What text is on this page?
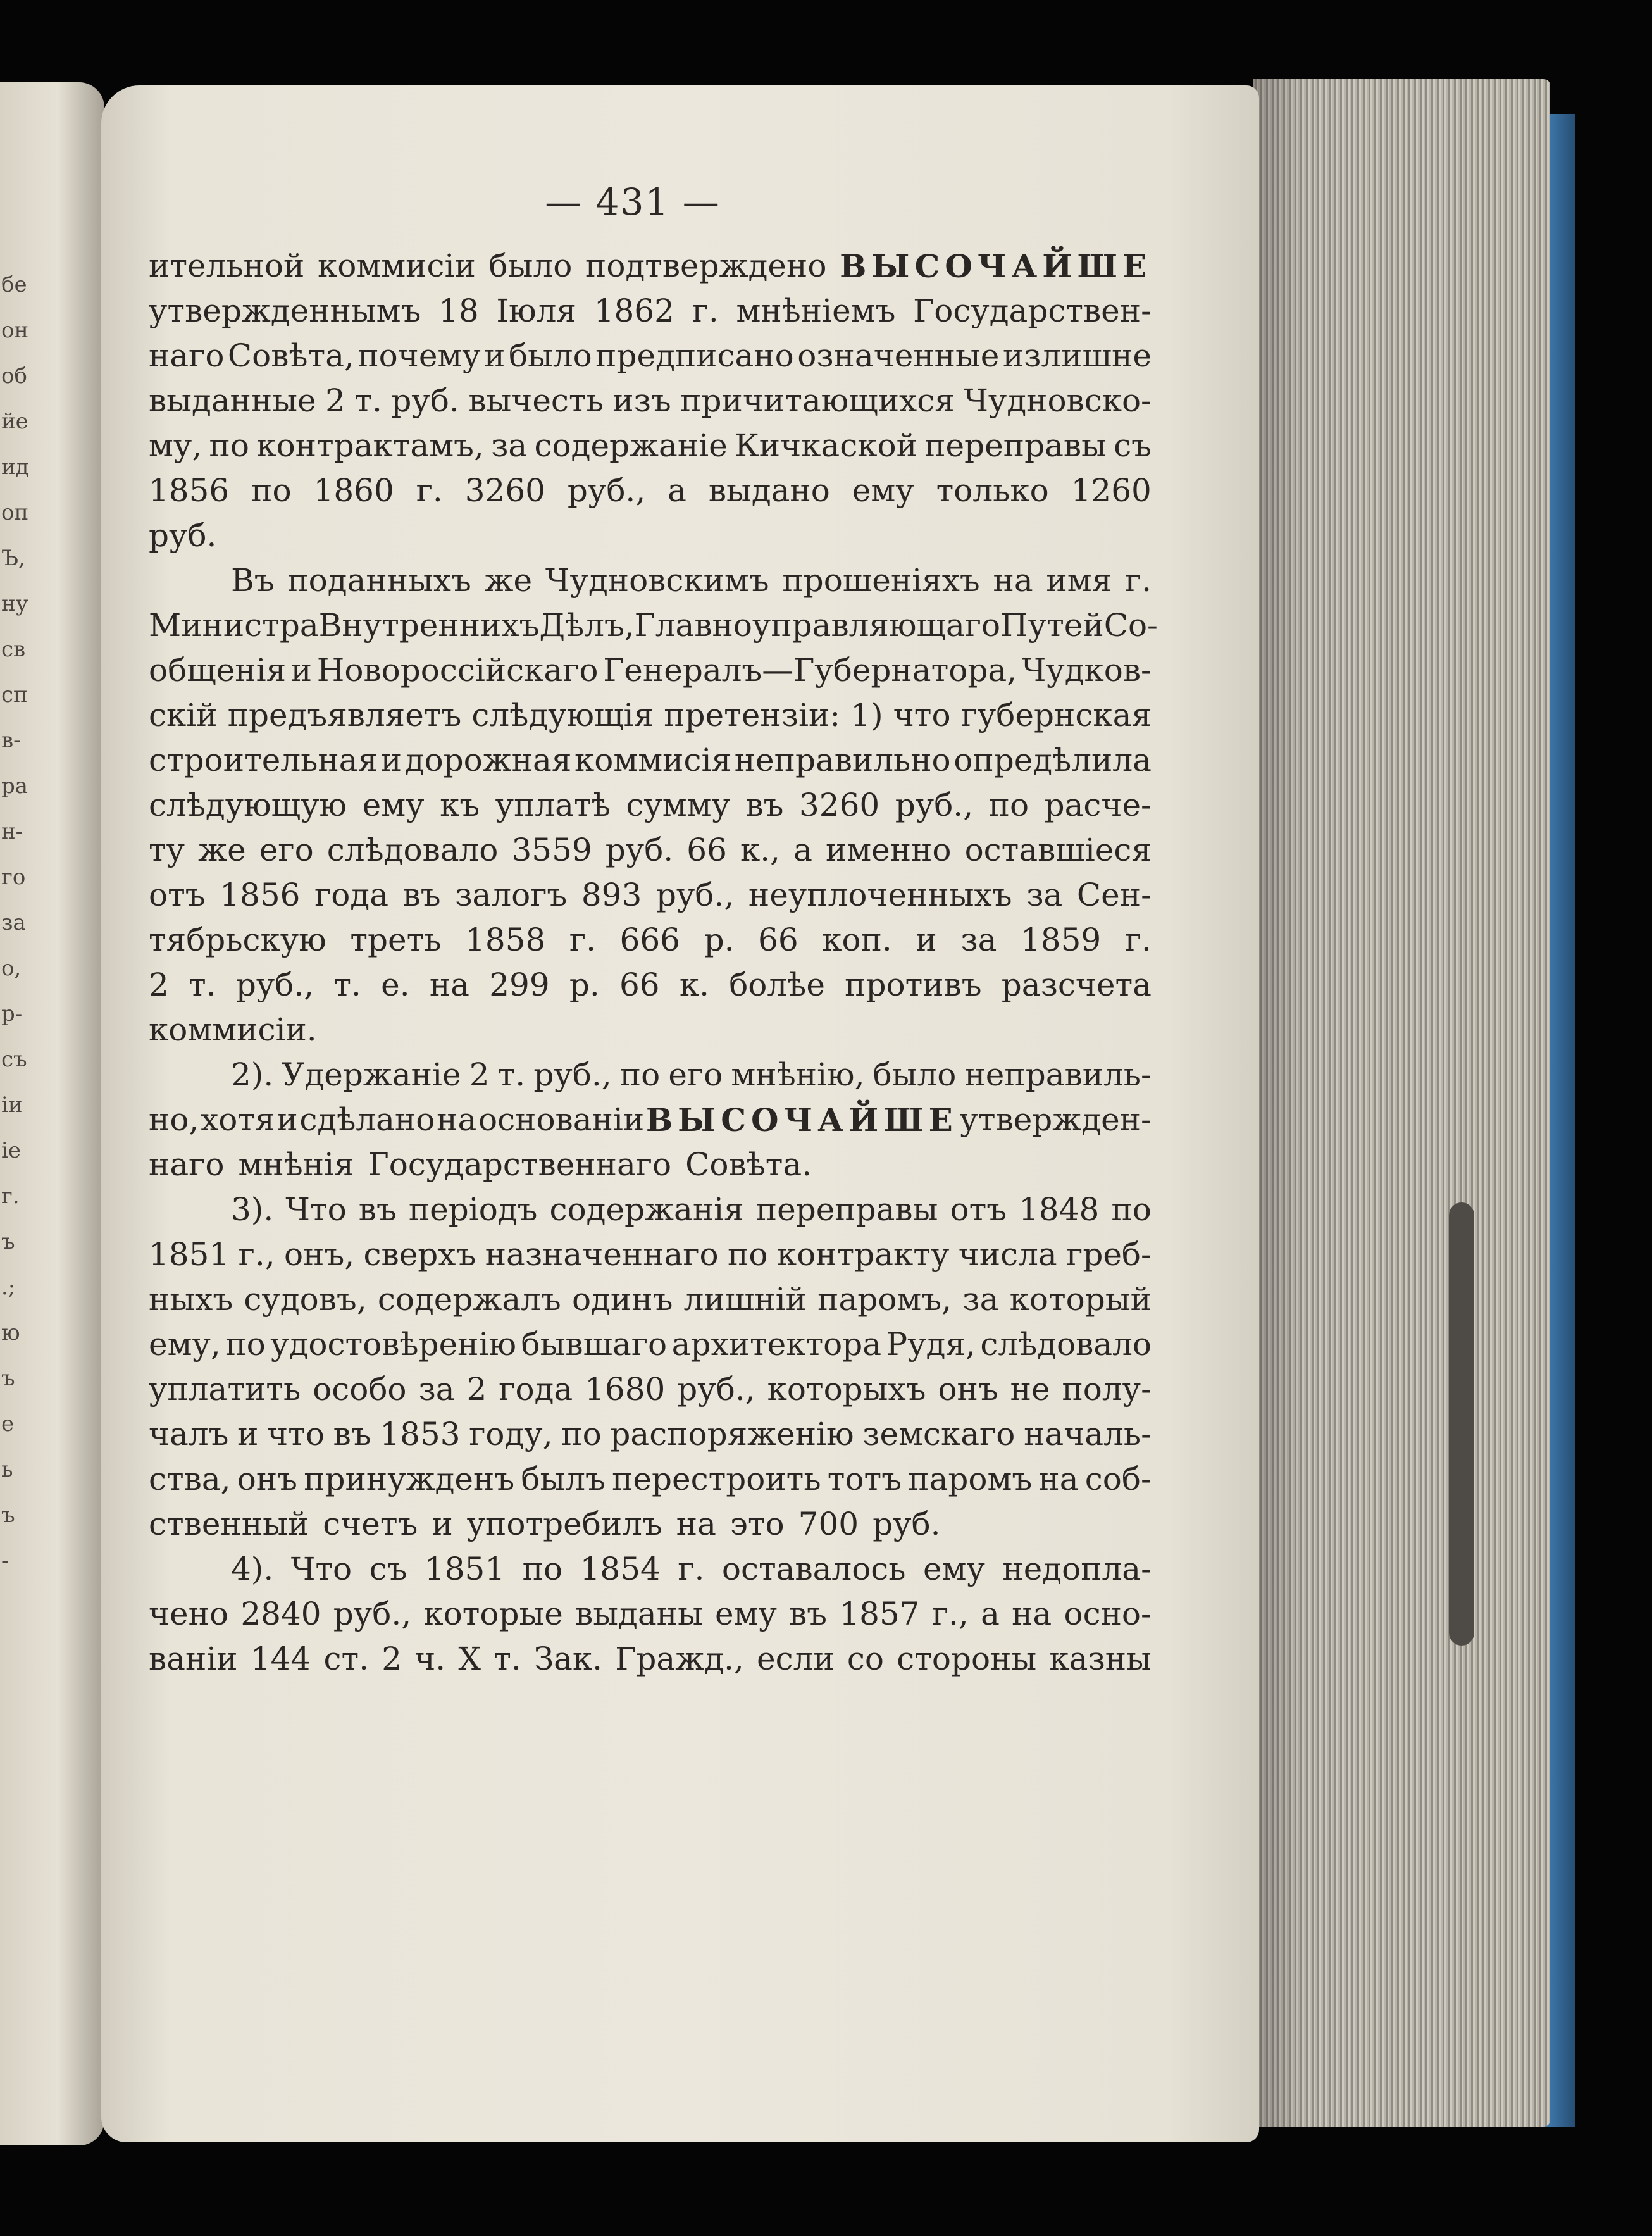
бе
он
об
йе
ид
оп
Ъ,
ну
св
сп
в-
ра
н-
го
за
о,
р-
съ
іи
іе
г.
ъ
.;
ю
ъ
е
ь
ъ
-
— 431 —
ительной коммисіи было подтверждено ВЫСОЧАЙШЕ
утвержденнымъ 18 Іюля 1862 г. мнѣніемъ Государствен-
наго Совѣта, почему и было предписано означенные излишне
выданные 2 т. руб. вычесть изъ причитающихся Чудновско-
му, по контрактамъ, за содержаніе Кичкаской переправы съ
1856 по 1860 г. 3260 руб., а выдано ему только 1260
руб.
Въ поданныхъ же Чудновскимъ прошеніяхъ на имя г.
Министра Внутреннихъ Дѣлъ, Главноуправляющаго Путей Со-
общенія и Новороссійскаго Генералъ—Губернатора, Чудков-
скій предъявляетъ слѣдующія претензіи: 1) что губернская
строительная и дорожная коммисія неправильно опредѣлила
слѣдующую ему къ уплатѣ сумму въ 3260 руб., по расче-
ту же его слѣдовало 3559 руб. 66 к., а именно оставшіеся
отъ 1856 года въ залогъ 893 руб., неуплоченныхъ за Сен-
тябрьскую треть 1858 г. 666 р. 66 коп. и за 1859 г.
2 т. руб., т. е. на 299 р. 66 к. болѣе противъ разсчета
коммисіи.
2). Удержаніе 2 т. руб., по его мнѣнію, было неправиль-
но, хотя и сдѣлано на основаніи ВЫСОЧАЙШЕ утвержден-
наго мнѣнія Государственнаго Совѣта.
3). Что въ періодъ содержанія переправы отъ 1848 по
1851 г., онъ, сверхъ назначеннаго по контракту числа греб-
ныхъ судовъ, содержалъ одинъ лишній паромъ, за который
ему, по удостовѣренію бывшаго архитектора Рудя, слѣдовало
уплатить особо за 2 года 1680 руб., которыхъ онъ не полу-
чалъ и что въ 1853 году, по распоряженію земскаго началь-
ства, онъ принужденъ былъ перестроить тотъ паромъ на соб-
ственный счетъ и употребилъ на это 700 руб.
4). Что съ 1851 по 1854 г. оставалось ему недопла-
чено 2840 руб., которые выданы ему въ 1857 г., а на осно-
ваніи 144 ст. 2 ч. X т. Зак. Гражд., если со стороны казны
